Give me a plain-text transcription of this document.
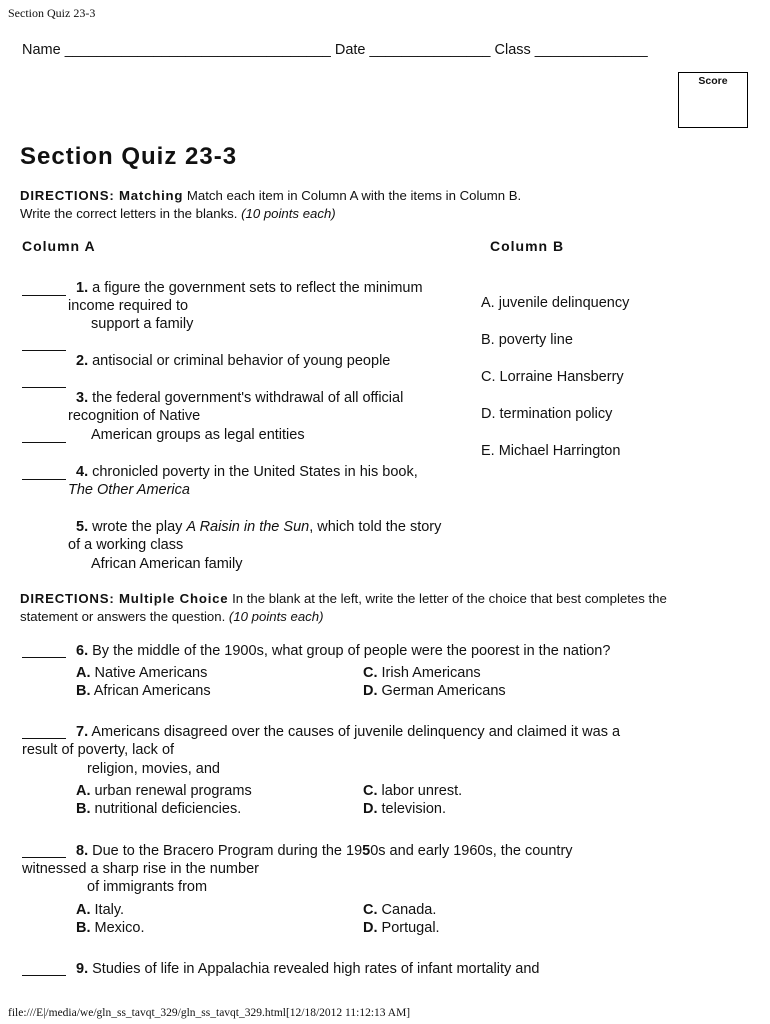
Section Quiz 23-3
Name _________________________________ Date _______________ Class ______________
Score
Section Quiz 23-3
DIRECTIONS: Matching Match each item in Column A with the items in Column B.
Write the correct letters in the blanks. (10 points each)
Column A	Column B
1. a figure the government sets to reflect the minimum
income required to
support a family
2. antisocial or criminal behavior of young people
3. the federal government's withdrawal of all official
recognition of Native
American groups as legal entities
4. chronicled poverty in the United States in his book,
The Other America
5. wrote the play A Raisin in the Sun, which told the story
of a working class
African American family
A. juvenile delinquency
B. poverty line
C. Lorraine Hansberry
D. termination policy
E. Michael Harrington
DIRECTIONS: Multiple Choice In the blank at the left, write the letter of the choice that best completes the
statement or answers the question. (10 points each)
6. By the middle of the 1900s, what group of people were the poorest in the nation?
A. Native Americans
B. African Americans
C. Irish Americans
D. German Americans
7. Americans disagreed over the causes of juvenile delinquency and claimed it was a
result of poverty, lack of
religion, movies, and
A. urban renewal programs
B. nutritional deficiencies.
C. labor unrest.
D. television.
8. Due to the Bracero Program during the 1950s and early 1960s, the country
witnessed a sharp rise in the number
of immigrants from
A. Italy.
B. Mexico.
C. Canada.
D. Portugal.
9. Studies of life in Appalachia revealed high rates of infant mortality and
file:///E|/media/we/gln_ss_tavqt_329/gln_ss_tavqt_329.html[12/18/2012 11:12:13 AM]
